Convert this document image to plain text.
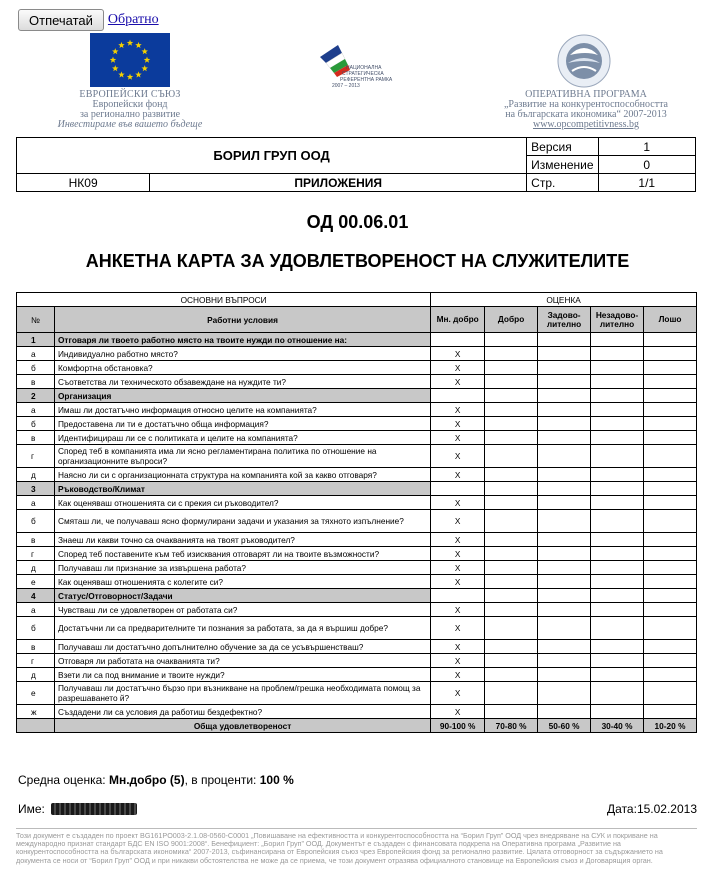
Отпечатай	Обратно
НАЦИОНАЛНА
СТРАТЕГИЧЕСКА
РЕФЕРЕНТНА РАМКА
2007 – 2013
ЕВРОПЕЙСКИ СЪЮЗ
Европейски фонд
за регионално развитие
Инвестираме във вашето бъдеще
ОПЕРАТИВНА ПРОГРАМА
„Развитие на конкурентоспособността
на българската икономика“ 2007-2013
www.opcompetitivness.bg
БОРИЛ ГРУП ООД		Версия	1
		Изменение	0
НК09	ПРИЛОЖЕНИЯ	Стр.	1/1
ОД 00.06.01
АНКЕТНА КАРТА ЗА УДОВЛЕТВОРЕНОСТ НА СЛУЖИТЕЛИТЕ
ОСНОВНИ ВЪПРОСИ		ОЦЕНКА				
№	Работни условия	Мн. добро	Добро	Задово-
лително	Незадово-
лително	Лошо
1	Отговаря ли твоето работно място на твоите нужди по отношение на:					
а	Индивидуално работно място?	Х				
б	Комфортна обстановка?	Х				
в	Съответства ли техническото обзавеждане на нуждите ти?	Х				
2	Организация					
а	Имаш ли достатъчно информация относно целите на компанията?	Х				
б	Предоставена ли ти е достатъчно обща информация?	Х				
в	Идентифицираш ли се с политиката и целите на компанията?	Х				
г	Според теб в компанията има ли ясно регламентирана политика по отношение на организационните въпроси?	Х				
д	Наясно ли си с организационната структура на компанията кой за какво отговаря?	Х				
3	Ръководство/Климат					
а	Как оценяваш отношенията си с прекия си ръководител?	Х				
б	Смяташ ли, че получаваш ясно формулирани задачи и указания за тяхното изпълнение?	Х				
в	Знаеш ли какви точно са очакванията на твоят ръководител?	Х				
г	Според теб поставените към теб изисквания отговарят ли на твоите възможности?	Х				
д	Получаваш ли признание за извършена работа?	Х				
е	Как оценяваш отношенията с колегите си?	Х				
4	Статус/Отговорност/Задачи					
а	Чувстваш ли се удовлетворен от работата си?	Х				
б	Достатъчни ли са предварителните ти познания за работата, за да я вършиш добре?	Х				
в	Получаваш ли достатъчно допълнително обучение за да се усъвършенстваш?	Х				
г	Отговаря ли работата на очакванията ти?	Х				
д	Взети ли са под внимание и твоите нужди?	Х				
е	Получаваш ли достатъчно бързо при възникване на проблем/грешка необходимата помощ за разрешаването й?	Х				
ж	Създадени ли са условия да работиш бездефектно?	Х				
	Обща удовлетвореност	90-100 %	70-80 %	50-60 %	30-40 %	10-20 %
Средна оценка: Мн.добро (5), в проценти: 100 %
Име:	Дата:15.02.2013
Този документ е създаден по проект BG161PO003-2.1.08-0560-C0001 „Повишаване на ефективността и конкурентоспособността на “Борил Груп” ООД чрез внедряване на СУК и покриване на международно признат стандарт БДС EN ISO 9001:2008“. Бенефициент: „Борил Груп” ООД. Документът е създаден с финансовата подкрепа на Оперативна програма „Развитие на конкурентоспособността на българската икономика“ 2007-2013, съфинансирана от Европейския съюз чрез Европейския фонд за регионално развитие. Цялата отговорност за съдържанието на документа се носи от “Борил Груп” ООД и при никакви обстоятелства не може да се приема, че този документ отразява официалното становище на Европейския съюз и Договарящия орган.
